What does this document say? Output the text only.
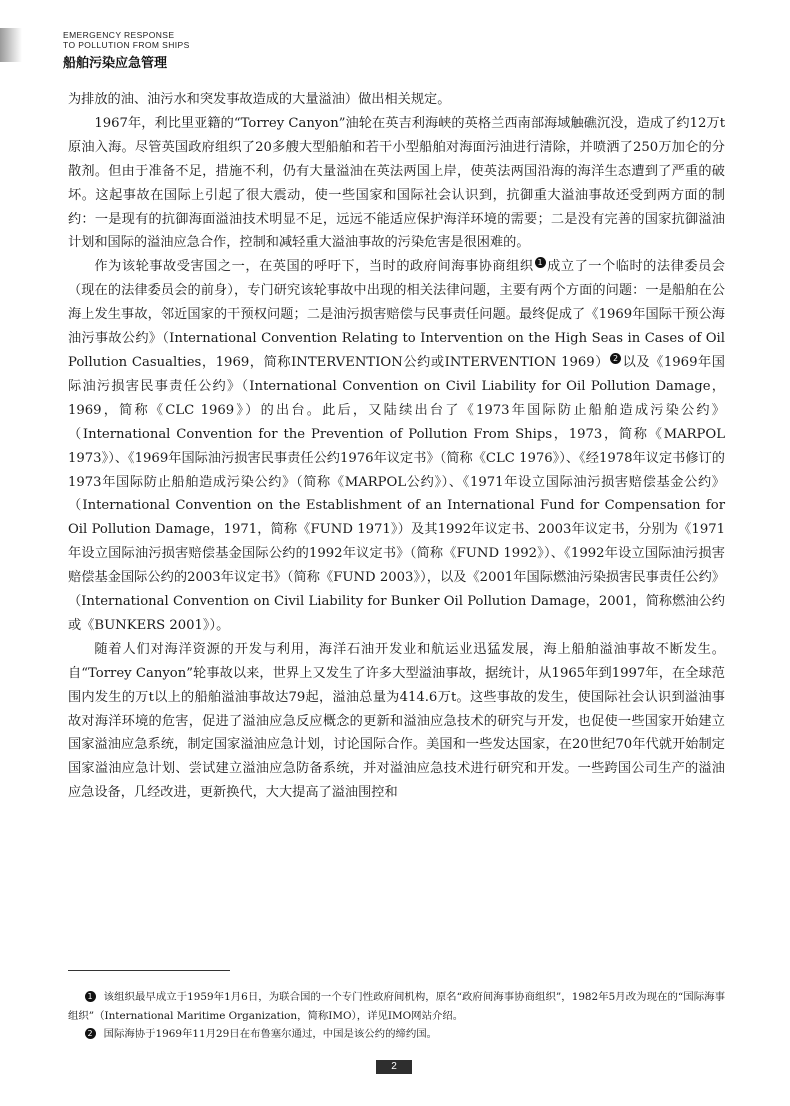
EMERGENCY RESPONSE
TO POLLUTION FROM SHIPS
船舶污染应急管理

为排放的油、油污水和突发事故造成的大量溢油）做出相关规定。

1967年，利比里亚籍的“Torrey Canyon”油轮在英吉利海峡的英格兰西南部海域触礁沉没，造成了约12万t原油入海。尽管英国政府组织了20多艘大型船舶和若干小型船舶对海面污油进行清除，并喷洒了250万加仑的分散剂。但由于准备不足，措施不利，仍有大量溢油在英法两国上岸，使英法两国沿海的海洋生态遭到了严重的破坏。这起事故在国际上引起了很大震动，使一些国家和国际社会认识到，抗御重大溢油事故还受到两方面的制约：一是现有的抗御海面溢油技术明显不足，远远不能适应保护海洋环境的需要；二是没有完善的国家抗御溢油计划和国际的溢油应急合作，控制和减轻重大溢油事故的污染危害是很困难的。

作为该轮事故受害国之一，在英国的呼吁下，当时的政府间海事协商组织 1 成立了一个临时的法律委员会（现在的法律委员会的前身），专门研究该轮事故中出现的相关法律问题，主要有两个方面的问题：一是船舶在公海上发生事故，邻近国家的干预权问题；二是油污损害赔偿与民事责任问题。最终促成了《1969年国际干预公海油污事故公约》（International Convention Relating to Intervention on the High Seas in Cases of Oil Pollution Casualties，1969，简称INTERVENTION公约或INTERVENTION 1969） 2 以及《1969年国际油污损害民事责任公约》（International Convention on Civil Liability for Oil Pollution Damage，1969，简称《CLC 1969》）的出台。此后，又陆续出台了《1973年国际防止船舶造成污染公约》（International Convention for the Prevention of Pollution From Ships，1973，简称《MARPOL 1973》）、《1969年国际油污损害民事责任公约1976年议定书》（简称《CLC 1976》）、《经1978年议定书修订的1973年国际防止船舶造成污染公约》（简称《MARPOL公约》）、《1971年设立国际油污损害赔偿基金公约》（International Convention on the Establishment of an International Fund for Compensation for Oil Pollution Damage，1971，简称《FUND 1971》）及其1992年议定书、2003年议定书，分别为《1971年设立国际油污损害赔偿基金国际公约的1992年议定书》（简称《FUND 1992》）、《1992年设立国际油污损害赔偿基金国际公约的2003年议定书》（简称《FUND 2003》），以及《2001年国际燃油污染损害民事责任公约》（International Convention on Civil Liability for Bunker Oil Pollution Damage，2001，简称燃油公约或《BUNKERS 2001》）。

随着人们对海洋资源的开发与利用，海洋石油开发业和航运业迅猛发展，海上船舶溢油事故不断发生。自“Torrey Canyon”轮事故以来，世界上又发生了许多大型溢油事故，据统计，从1965年到1997年，在全球范围内发生的万t以上的船舶溢油事故达79起，溢油总量为414.6万t。这些事故的发生，使国际社会认识到溢油事故对海洋环境的危害，促进了溢油应急反应概念的更新和溢油应急技术的研究与开发，也促使一些国家开始建立国家溢油应急系统，制定国家溢油应急计划，讨论国际合作。美国和一些发达国家，在20世纪70年代就开始制定国家溢油应急计划、尝试建立溢油应急防备系统，并对溢油应急技术进行研究和开发。一些跨国公司生产的溢油应急设备，几经改进，更新换代，大大提高了溢油围控和

1 该组织最早成立于1959年1月6日，为联合国的一个专门性政府间机构，原名“政府间海事协商组织”，1982年5月改为现在的“国际海事组织”（International Maritime Organization，简称IMO），详见IMO网站介绍。

2 国际海协于1969年11月29日在布鲁塞尔通过，中国是该公约的缔约国。

2
